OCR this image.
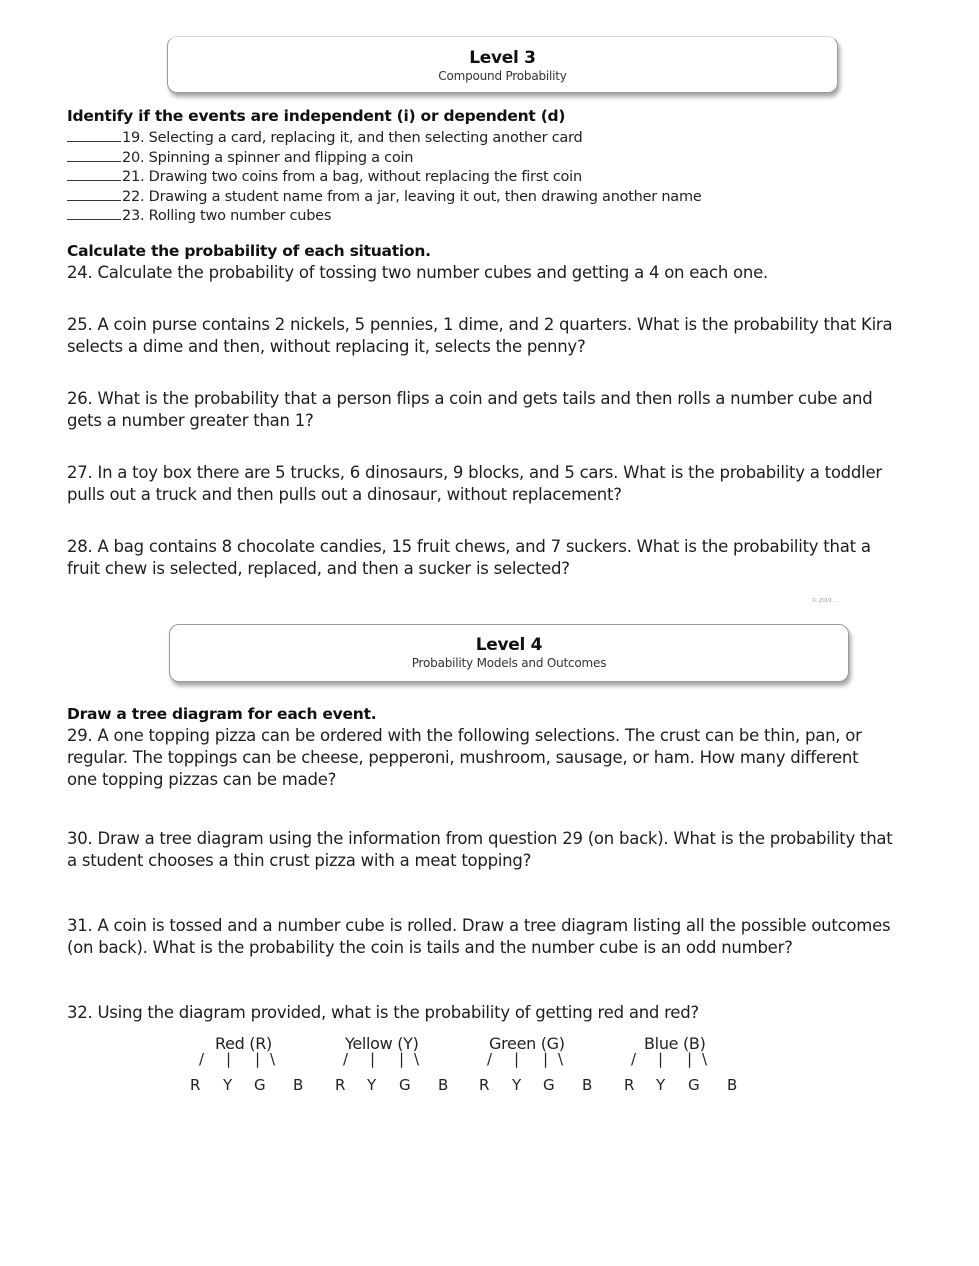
Level 3
Compound Probability
Identify if the events are independent (i) or dependent (d)
19. Selecting a card, replacing it, and then selecting another card
20. Spinning a spinner and flipping a coin
21. Drawing two coins from a bag, without replacing the first coin
22. Drawing a student name from a jar, leaving it out, then drawing another name
23. Rolling two number cubes
Calculate the probability of each situation.
24. Calculate the probability of tossing two number cubes and getting a 4 on each one.
25. A coin purse contains 2 nickels, 5 pennies, 1 dime, and 2 quarters. What is the probability that Kira
selects a dime and then, without replacing it, selects the penny?
26. What is the probability that a person flips a coin and gets tails and then rolls a number cube and
gets a number greater than 1?
27. In a toy box there are 5 trucks, 6 dinosaurs, 9 blocks, and 5 cars. What is the probability a toddler
pulls out a truck and then pulls out a dinosaur, without replacement?
28. A bag contains 8 chocolate candies, 15 fruit chews, and 7 suckers. What is the probability that a
fruit chew is selected, replaced, and then a sucker is selected?
© 2019 ...
Level 4
Probability Models and Outcomes
Draw a tree diagram for each event.
29. A one topping pizza can be ordered with the following selections. The crust can be thin, pan, or
regular. The toppings can be cheese, pepperoni, mushroom, sausage, or ham. How many different
one topping pizzas can be made?
30. Draw a tree diagram using the information from question 29 (on back). What is the probability that
a student chooses a thin crust pizza with a meat topping?
31. A coin is tossed and a number cube is rolled. Draw a tree diagram listing all the possible outcomes
(on back). What is the probability the coin is tails and the number cube is an odd number?
32. Using the diagram provided, what is the probability of getting red and red?
Red (R)
/ | | \
R Y G B
Yellow (Y)
/ | | \
R Y G B
Green (G)
/ | | \
R Y G B
Blue (B)
/ | | \
R Y G B
